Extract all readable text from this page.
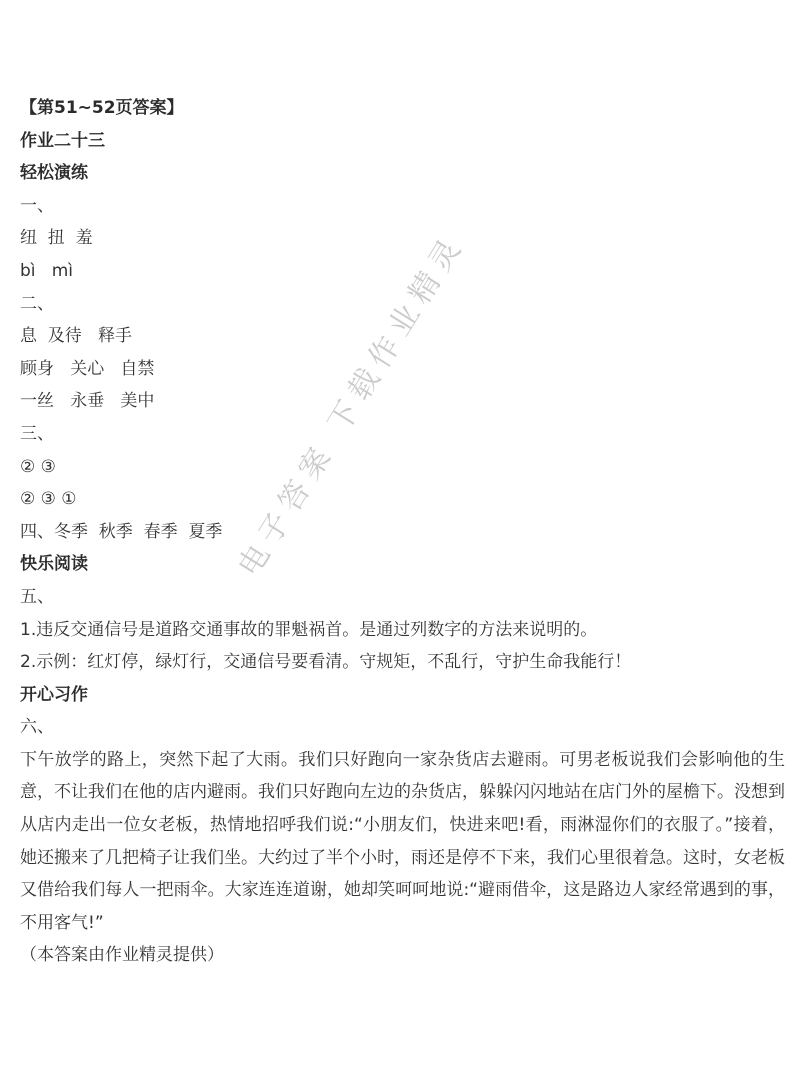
【第51~52页答案】

作业二十三

轻松演练

一、

纽  扭  羞

bì   mì

二、

息  及待   释手

顾身   关心   自禁

一丝   永垂   美中

三、

② ③

② ③ ①

四、冬季  秋季  春季  夏季

快乐阅读

五、

1.违反交通信号是道路交通事故的罪魁祸首。是通过列数字的方法来说明的。

2.示例：红灯停，绿灯行，交通信号要看清。守规矩，不乱行，守护生命我能行！

开心习作

六、

下午放学的路上，突然下起了大雨。我们只好跑向一家杂货店去避雨。可男老板说我们会影响他的生意，不让我们在他的店内避雨。我们只好跑向左边的杂货店，躲躲闪闪地站在店门外的屋檐下。没想到从店内走出一位女老板，热情地招呼我们说:“小朋友们，快进来吧!看，雨淋湿你们的衣服了。”接着，她还搬来了几把椅子让我们坐。大约过了半个小时，雨还是停不下来，我们心里很着急。这时，女老板又借给我们每人一把雨伞。大家连连道谢，她却笑呵呵地说:“避雨借伞，这是路边人家经常遇到的事，不用客气!”

（本答案由作业精灵提供）

电子答案 下载作业精灵
